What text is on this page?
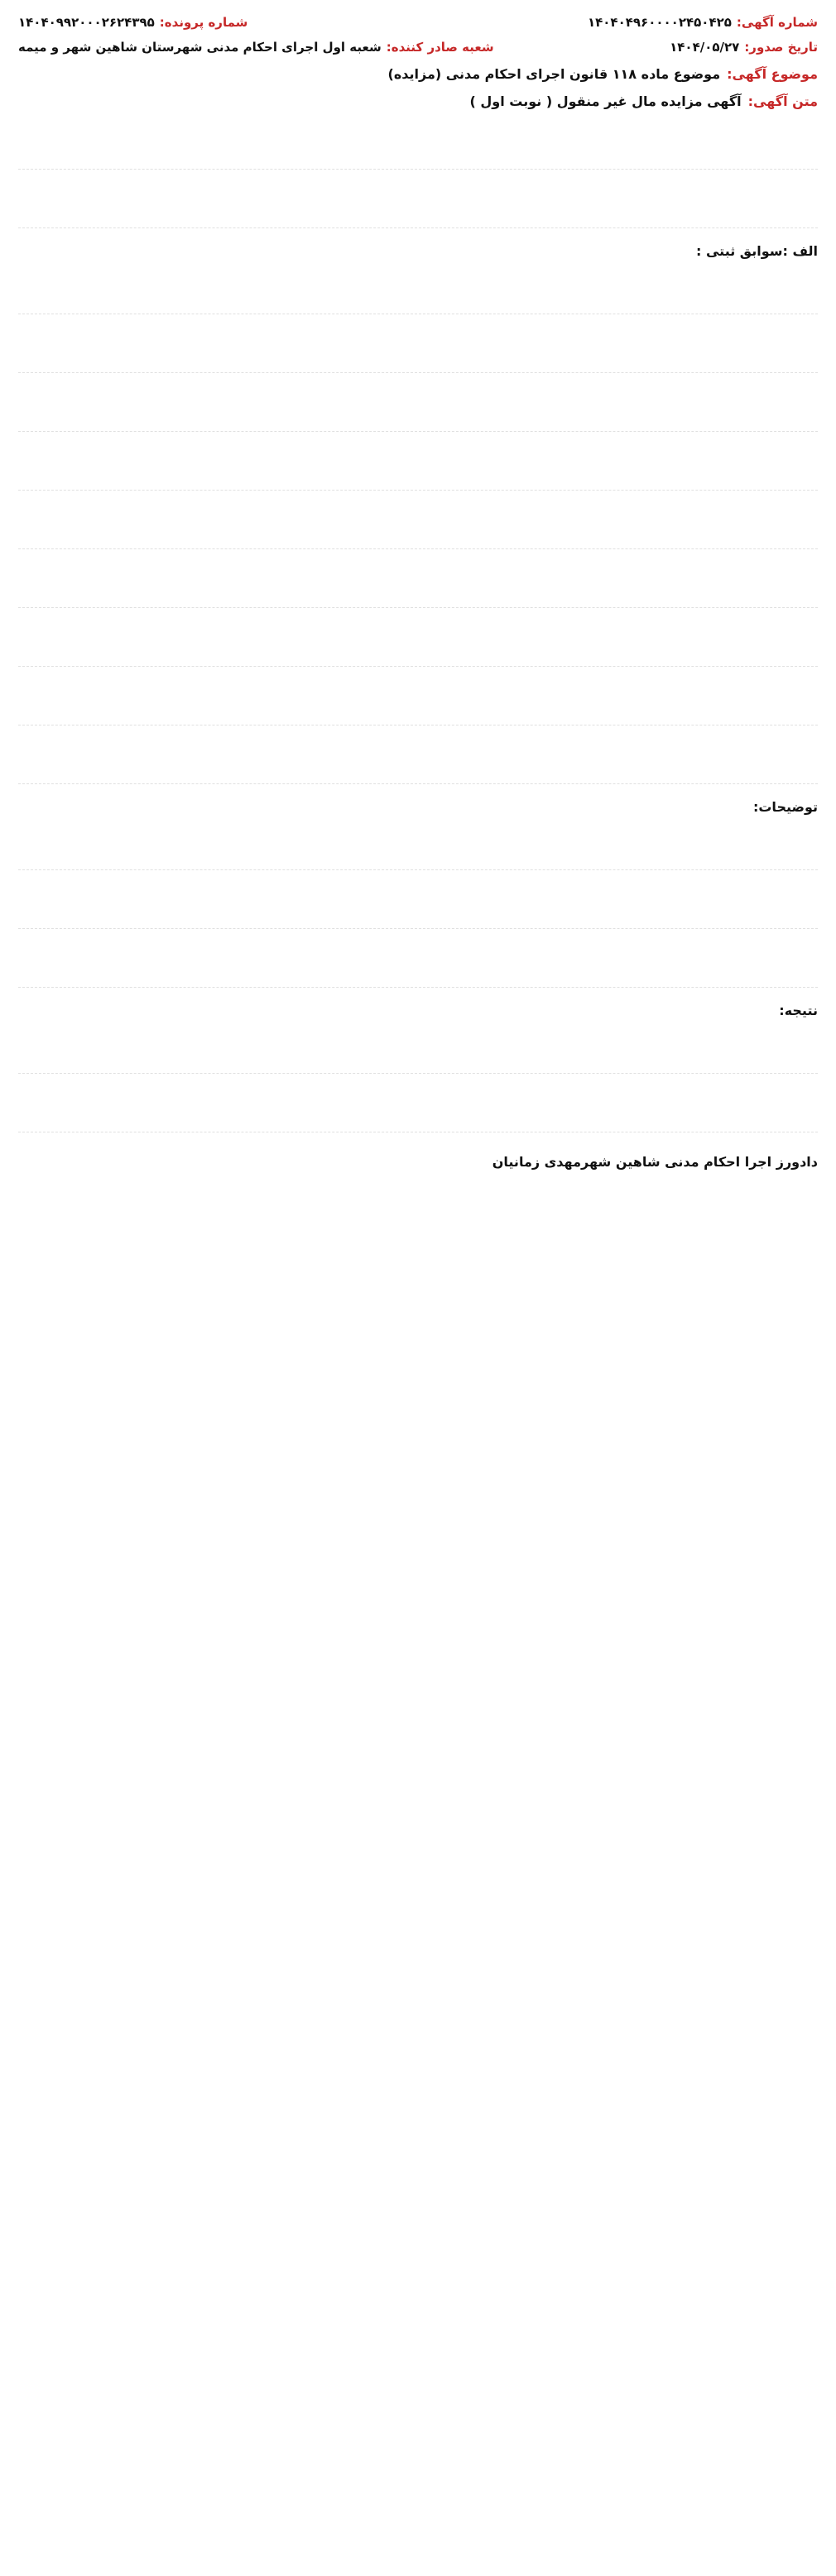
شماره آگهی:
۱۴۰۴۰۴۹۶۰۰۰۰۲۴۵۰۴۲۵
شماره پرونده:
۱۴۰۴۰۹۹۲۰۰۰۲۶۲۴۳۹۵
تاریخ صدور:
۱۴۰۴/۰۵/۲۷
شعبه صادر کننده:
شعبه اول اجرای احکام مدنی شهرستان شاهین شهر و میمه
موضوع آگهی:
موضوع ماده ۱۱۸ قانون اجرای احکام مدنی (مزایده)
متن آگهی:
آگهی مزایده مال غیر منقول ( نوبت اول )

الف :سوابق ثبتی :

توضیحات:

نتیجه:

دادورز اجرا احکام مدنی شاهین شهرمهدی زمانیان
